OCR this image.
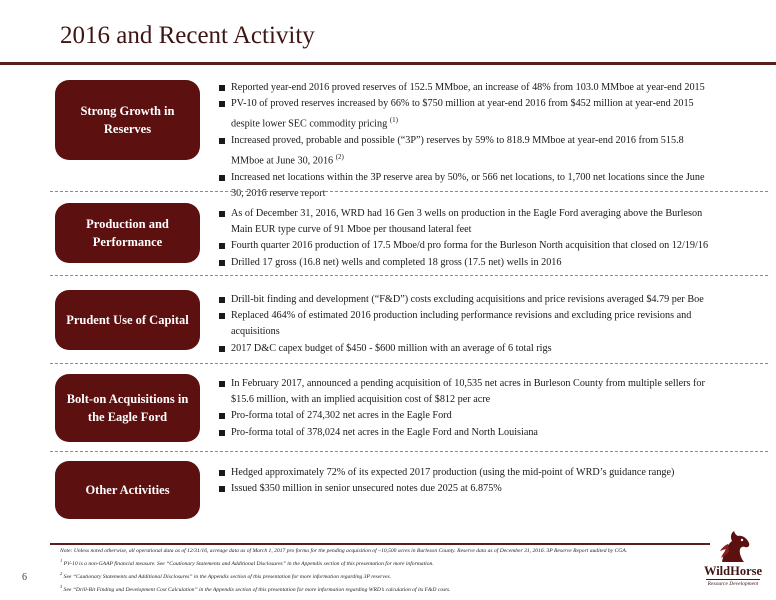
2016 and Recent Activity
Strong Growth in Reserves
Reported year-end 2016 proved reserves of 152.5 MMboe, an increase of 48% from 103.0 MMboe at year-end 2015
PV-10 of proved reserves increased by 66% to $750 million at year-end 2016 from $452 million at year-end 2015 despite lower SEC commodity pricing $^{(1)}$
Increased proved, probable and possible (“3P”) reserves by 59% to 818.9 MMboe at year-end 2016 from 515.8 MMboe at June 30, 2016 $^{(2)}$
Increased net locations within the 3P reserve area by 50%, or 566 net locations, to 1,700 net locations since the June 30, 2016 reserve report
Production and Performance
As of December 31, 2016, WRD had 16 Gen 3 wells on production in the Eagle Ford averaging above the Burleson Main EUR type curve of 91 Mboe per thousand lateral feet
Fourth quarter 2016 production of 17.5 Mboe/d pro forma for the Burleson North acquisition that closed on 12/19/16
Drilled 17 gross (16.8 net) wells and completed 18 gross (17.5 net) wells in 2016
Prudent Use of Capital
Drill-bit finding and development (“F&D”) costs excluding acquisitions and price revisions averaged $4.79 per Boe
Replaced 464% of estimated 2016 production including performance revisions and excluding price revisions and acquisitions
2017 D&C capex budget of $450 - $600 million with an average of 6 total rigs
Bolt-on Acquisitions in the Eagle Ford
In February 2017, announced a pending acquisition of 10,535 net acres in Burleson County from multiple sellers for $15.6 million, with an implied acquisition cost of $812 per acre
Pro-forma total of 274,302 net acres in the Eagle Ford
Pro-forma total of 378,024 net acres in the Eagle Ford and North Louisiana
Other Activities
Hedged approximately 72% of its expected 2017 production (using the mid-point of WRD’s guidance range)
Issued $350 million in senior unsecured notes due 2025 at 6.875%
6

Note: Unless noted otherwise, all operational data as of 12/31/16, acreage data as of March 1, 2017 pro forma for the pending acquisition of ~10,500 acres in Burleson County. Reserve data as of December 31, 2016. 3P Reserve Report audited by CGA.

$^1$ PV-10 is a non-GAAP financial measure. See “Cautionary Statements and Additional Disclosures” in the Appendix section of this presentation for more information.

$^2$ See “Cautionary Statements and Additional Disclosures” in the Appendix section of this presentation for more information regarding 3P reserves.

$^3$ See “Drill-Bit Finding and Development Cost Calculation” in the Appendix section of this presentation for more information regarding WRD’s calculation of its F&D costs.

WildHorse
Resource Development
